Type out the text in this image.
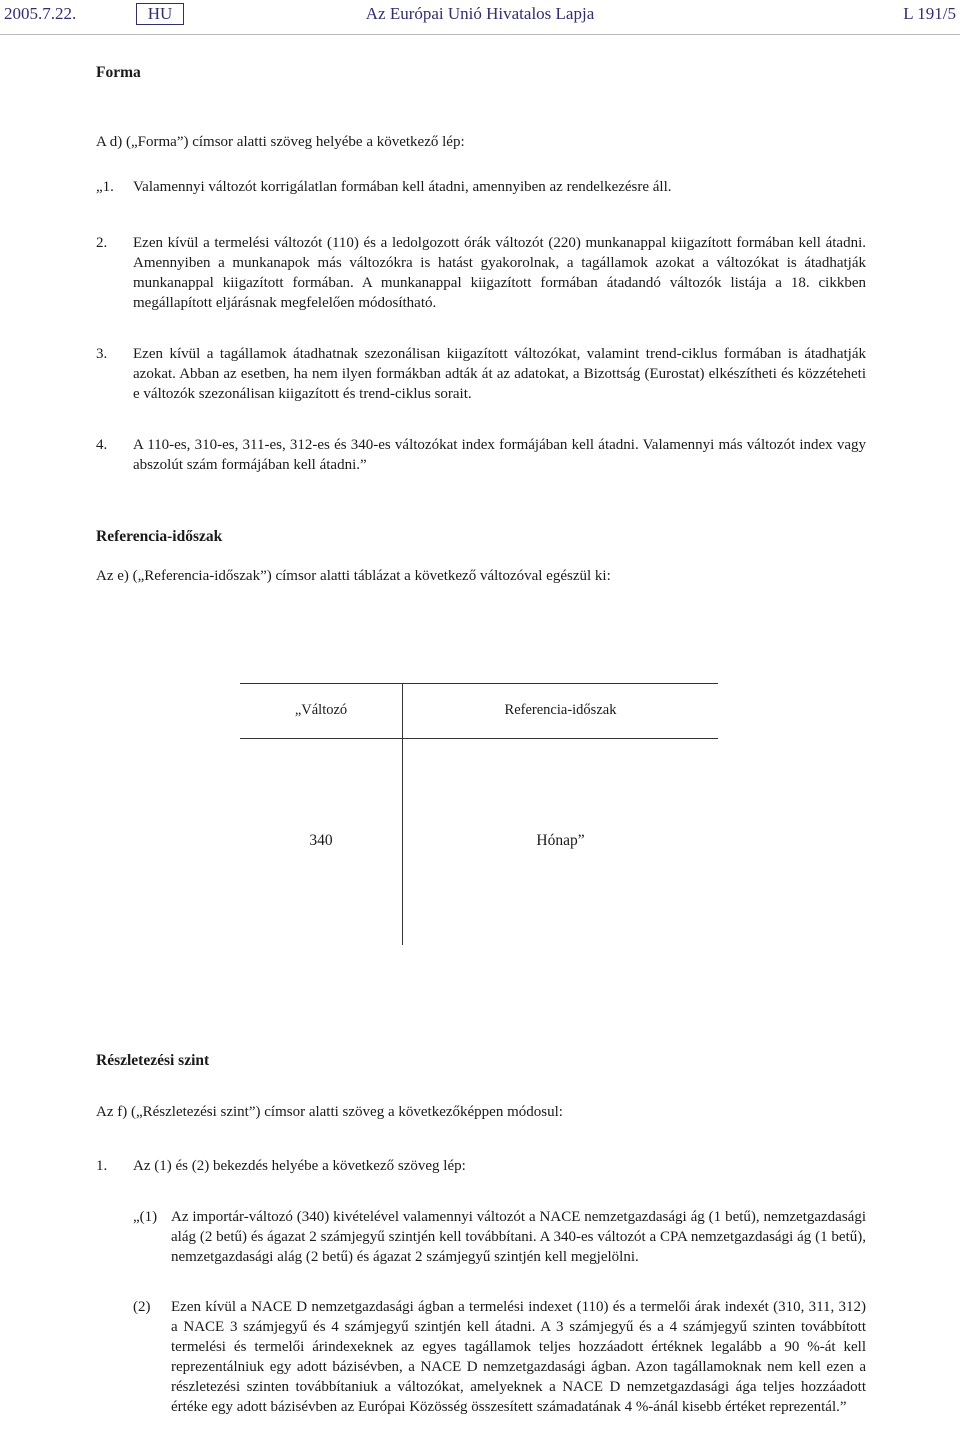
2005.7.22.	HU	Az Európai Unió Hivatalos Lapja	L 191/5
Forma
A d) („Forma”) címsor alatti szöveg helyébe a következő lép:
„1. Valamennyi változót korrigálatlan formában kell átadni, amennyiben az rendelkezésre áll.
2. Ezen kívül a termelési változót (110) és a ledolgozott órák változót (220) munkanappal kiigazított formában kell átadni. Amennyiben a munkanapok más változókra is hatást gyakorolnak, a tagállamok azokat a változókat is átadhatják munkanappal kiigazított formában. A munkanappal kiigazított formában átadandó változók listája a 18. cikkben megállapított eljárásnak megfelelően módosítható.
3. Ezen kívül a tagállamok átadhatnak szezonálisan kiigazított változókat, valamint trend-ciklus formában is átadhatják azokat. Abban az esetben, ha nem ilyen formákban adták át az adatokat, a Bizottság (Eurostat) elkészítheti és közzéteheti e változók szezonálisan kiigazított és trend-ciklus sorait.
4. A 110-es, 310-es, 311-es, 312-es és 340-es változókat index formájában kell átadni. Valamennyi más változót index vagy abszolút szám formájában kell átadni.”
Referencia-időszak
Az e) („Referencia-időszak”) címsor alatti táblázat a következő változóval egészül ki:
„Változó	Referencia-időszak
340	Hónap”
Részletezési szint
Az f) („Részletezési szint”) címsor alatti szöveg a következőképpen módosul:
1. Az (1) és (2) bekezdés helyébe a következő szöveg lép:
„(1) Az importár-változó (340) kivételével valamennyi változót a NACE nemzetgazdasági ág (1 betű), nemzetgazdasági alág (2 betű) és ágazat 2 számjegyű szintjén kell továbbítani. A 340-es változót a CPA nemzetgazdasági ág (1 betű), nemzetgazdasági alág (2 betű) és ágazat 2 számjegyű szintjén kell megjelölni.
(2) Ezen kívül a NACE D nemzetgazdasági ágban a termelési indexet (110) és a termelői árak indexét (310, 311, 312) a NACE 3 számjegyű és 4 számjegyű szintjén kell átadni. A 3 számjegyű és a 4 számjegyű szinten továbbított termelési és termelői árindexeknek az egyes tagállamok teljes hozzáadott értéknek legalább a 90 %-át kell reprezentálniuk egy adott bázisévben, a NACE D nemzetgazdasági ágban. Azon tagállamoknak nem kell ezen a részletezési szinten továbbítaniuk a változókat, amelyeknek a NACE D nemzetgazdasági ága teljes hozzáadott értéke egy adott bázisévben az Európai Közösség összesített számadatának 4 %-ánál kisebb értéket reprezentál.”
